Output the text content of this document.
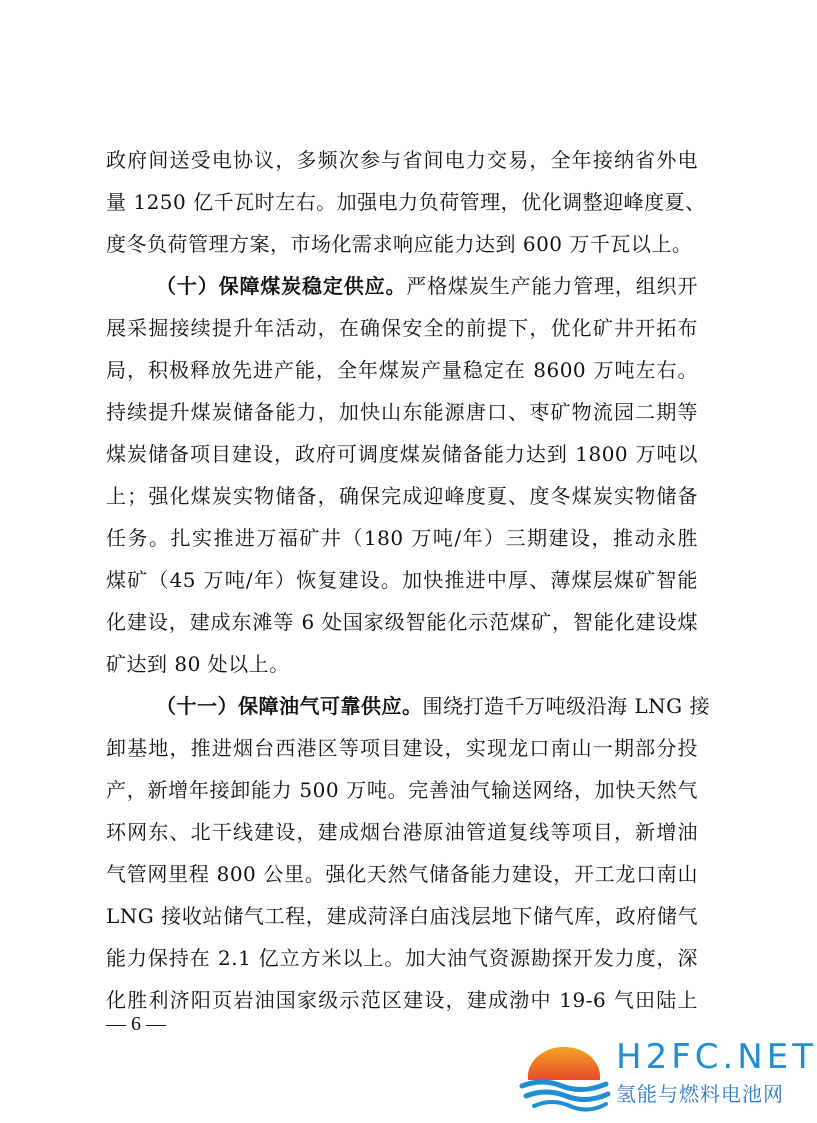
政府间送受电协议，多频次参与省间电力交易，全年接纳省外电
量 1250 亿千瓦时左右。加强电力负荷管理，优化调整迎峰度夏、
度冬负荷管理方案，市场化需求响应能力达到 600 万千瓦以上。
（十）保障煤炭稳定供应。严格煤炭生产能力管理，组织开
展采掘接续提升年活动，在确保安全的前提下，优化矿井开拓布
局，积极释放先进产能，全年煤炭产量稳定在 8600 万吨左右。
持续提升煤炭储备能力，加快山东能源唐口、枣矿物流园二期等
煤炭储备项目建设，政府可调度煤炭储备能力达到 1800 万吨以
上；强化煤炭实物储备，确保完成迎峰度夏、度冬煤炭实物储备
任务。扎实推进万福矿井（180 万吨/年）三期建设，推动永胜
煤矿（45 万吨/年）恢复建设。加快推进中厚、薄煤层煤矿智能
化建设，建成东滩等 6 处国家级智能化示范煤矿，智能化建设煤
矿达到 80 处以上。
（十一）保障油气可靠供应。围绕打造千万吨级沿海 LNG 接
卸基地，推进烟台西港区等项目建设，实现龙口南山一期部分投
产，新增年接卸能力 500 万吨。完善油气输送网络，加快天然气
环网东、北干线建设，建成烟台港原油管道复线等项目，新增油
气管网里程 800 公里。强化天然气储备能力建设，开工龙口南山
LNG 接收站储气工程，建成菏泽白庙浅层地下储气库，政府储气
能力保持在 2.1 亿立方米以上。加大油气资源勘探开发力度，深
化胜利济阳页岩油国家级示范区建设，建成渤中 19-6 气田陆上
— 6 —
H2FC.NET
氢能与燃料电池网
